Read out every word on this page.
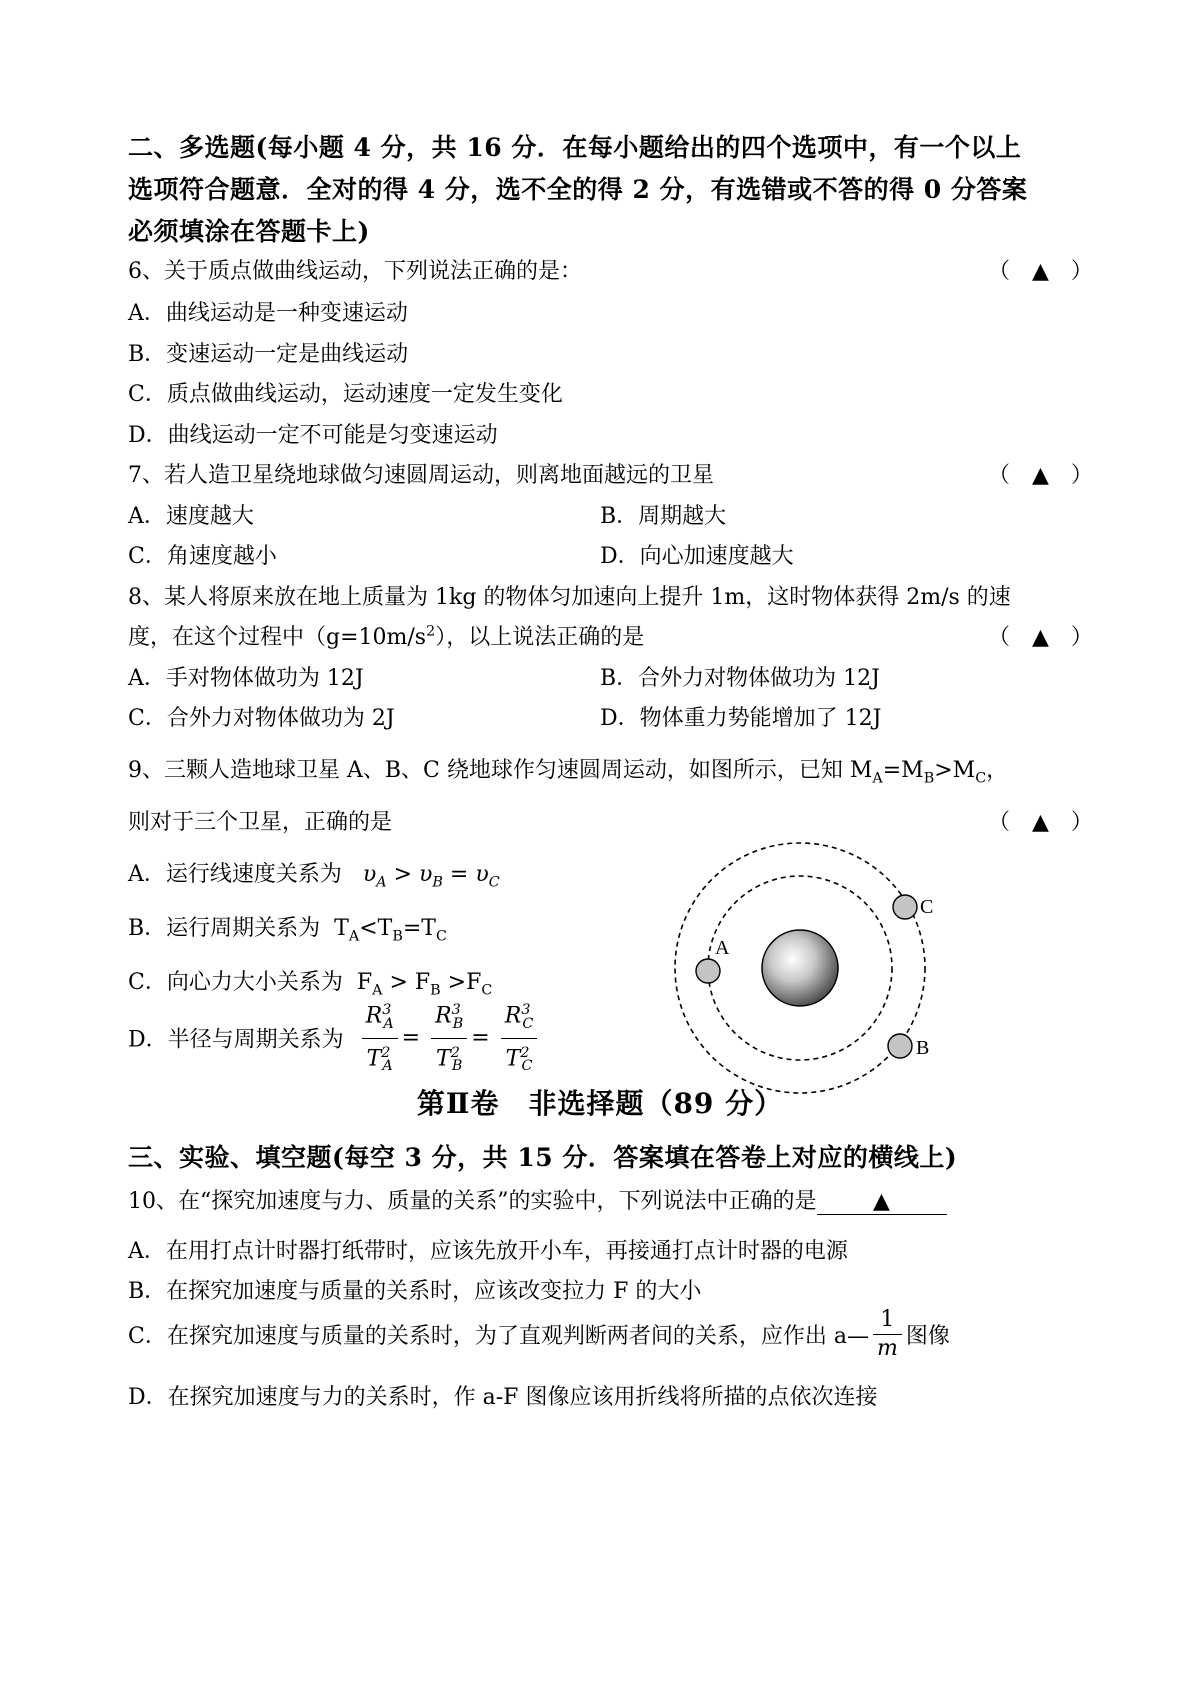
二、多选题(每小题 4 分，共 16 分．在每小题给出的四个选项中，有一个以上
选项符合题意．全对的得 4 分，选不全的得 2 分，有选错或不答的得 0 分答案
必须填涂在答题卡上)
6、关于质点做曲线运动，下列说法正确的是：	（　▲　）
A．曲线运动是一种变速运动
B．变速运动一定是曲线运动
C．质点做曲线运动，运动速度一定发生变化
D．曲线运动一定不可能是匀变速运动
7、若人造卫星绕地球做匀速圆周运动，则离地面越远的卫星	（　▲　）
A．速度越大	B．周期越大
C．角速度越小	D．向心加速度越大
8、某人将原来放在地上质量为 1kg 的物体匀加速向上提升 1m，这时物体获得 2m/s 的速
度，在这个过程中$(g=10m/s^2)$，以上说法正确的是	（　▲　）
A．手对物体做功为 12J	B．合外力对物体做功为 12J
C．合外力对物体做功为 2J	D．物体重力势能增加了 12J
9、三颗人造地球卫星 A、B、C 绕地球作匀速圆周运动，如图所示，已知 $M_A=M_B>M_C$，
则对于三个卫星，正确的是	（　▲　）
A．运行线速度关系为 $\upsilon_A > \upsilon_B = \upsilon_C$
B．运行周期关系为 $T_A<T_B=T_C$
C．向心力大小关系为 $F_A > F_B >F_C$
D．半径与周期关系为 $\frac{R^3_A}{T^2_A} = \frac{R^3_B}{T^2_B} = \frac{R^3_C}{T^2_C}$
A
C
B
第Ⅱ卷　非选择题（89 分）
三、实验、填空题(每空 3 分，共 15 分．答案填在答卷上对应的横线上)
10、在“探究加速度与力、质量的关系”的实验中，下列说法中正确的是	▲
A．在用打点计时器打纸带时，应该先放开小车，再接通打点计时器的电源
B．在探究加速度与质量的关系时，应该改变拉力 F 的大小
C．在探究加速度与质量的关系时，为了直观判断两者间的关系，应作出 a— $\frac{1}{m}$ 图像
D．在探究加速度与力的关系时，作 a-F 图像应该用折线将所描的点依次连接
